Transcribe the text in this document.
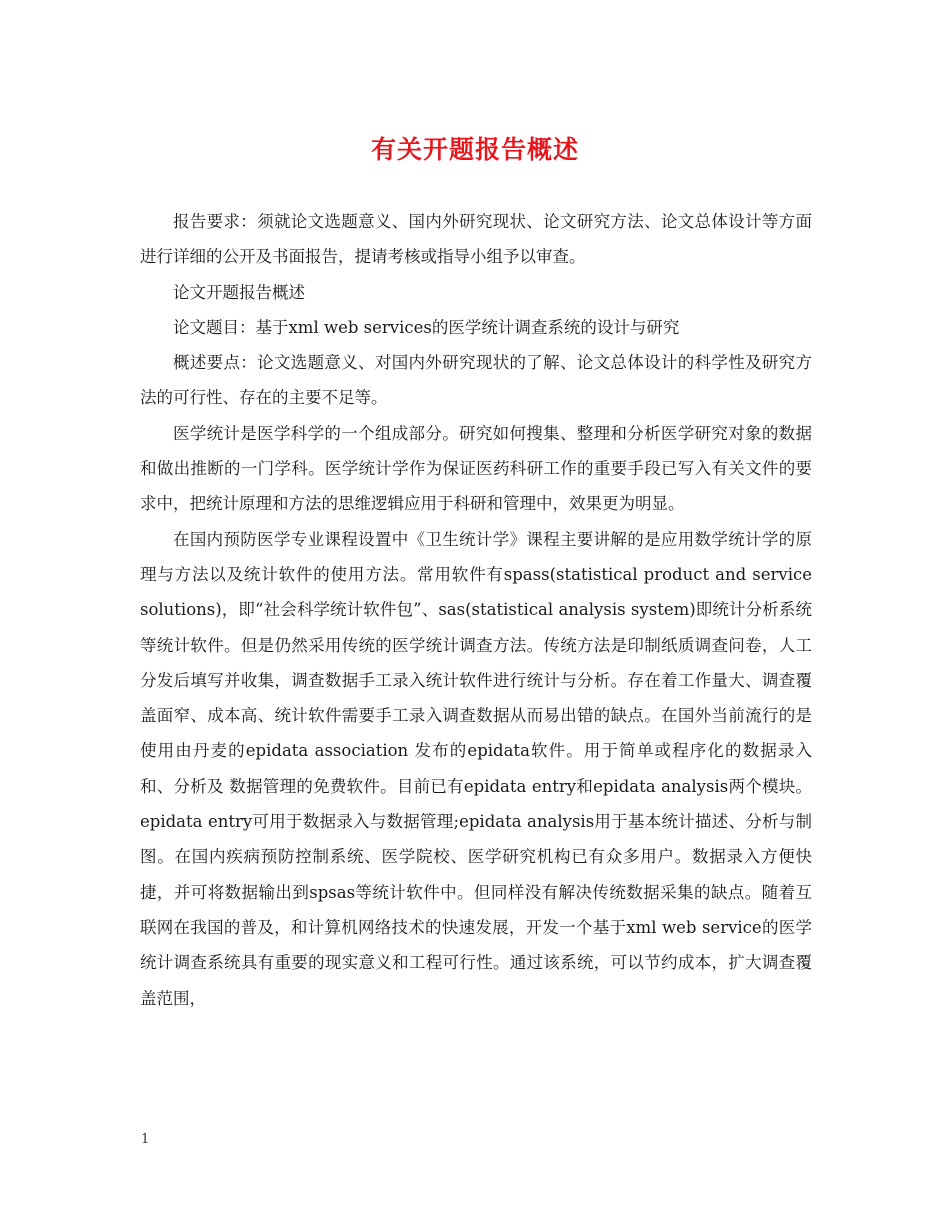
有关开题报告概述

报告要求：须就论文选题意义、国内外研究现状、论文研究方法、论文总体设计等方面进行详细的公开及书面报告，提请考核或指导小组予以审查。

论文开题报告概述

论文题目：基于xml web services的医学统计调查系统的设计与研究

概述要点：论文选题意义、对国内外研究现状的了解、论文总体设计的科学性及研究方法的可行性、存在的主要不足等。

医学统计是医学科学的一个组成部分。研究如何搜集、整理和分析医学研究对象的数据和做出推断的一门学科。医学统计学作为保证医药科研工作的重要手段已写入有关文件的要求中，把统计原理和方法的思维逻辑应用于科研和管理中，效果更为明显。

在国内预防医学专业课程设置中《卫生统计学》课程主要讲解的是应用数学统计学的原理与方法以及统计软件的使用方法。常用软件有spass(statistical product and service solutions)，即“社会科学统计软件包”、sas(statistical analysis system)即统计分析系统等统计软件。但是仍然采用传统的医学统计调查方法。传统方法是印制纸质调查问卷，人工分发后填写并收集，调查数据手工录入统计软件进行统计与分析。存在着工作量大、调查覆盖面窄、成本高、统计软件需要手工录入调查数据从而易出错的缺点。在国外当前流行的是使用由丹麦的epidata association 发布的epidata软件。用于简单或程序化的数据录入和、分析及 数据管理的免费软件。目前已有epidata entry和epidata analysis两个模块。 epidata entry可用于数据录入与数据管理;epidata analysis用于基本统计描述、分析与制图。在国内疾病预防控制系统、医学院校、医学研究机构已有众多用户。数据录入方便快捷，并可将数据输出到spsas等统计软件中。但同样没有解决传统数据采集的缺点。随着互联网在我国的普及，和计算机网络技术的快速发展，开发一个基于xml web service的医学统计调查系统具有重要的现实意义和工程可行性。通过该系统，可以节约成本，扩大调查覆盖范围，

1
